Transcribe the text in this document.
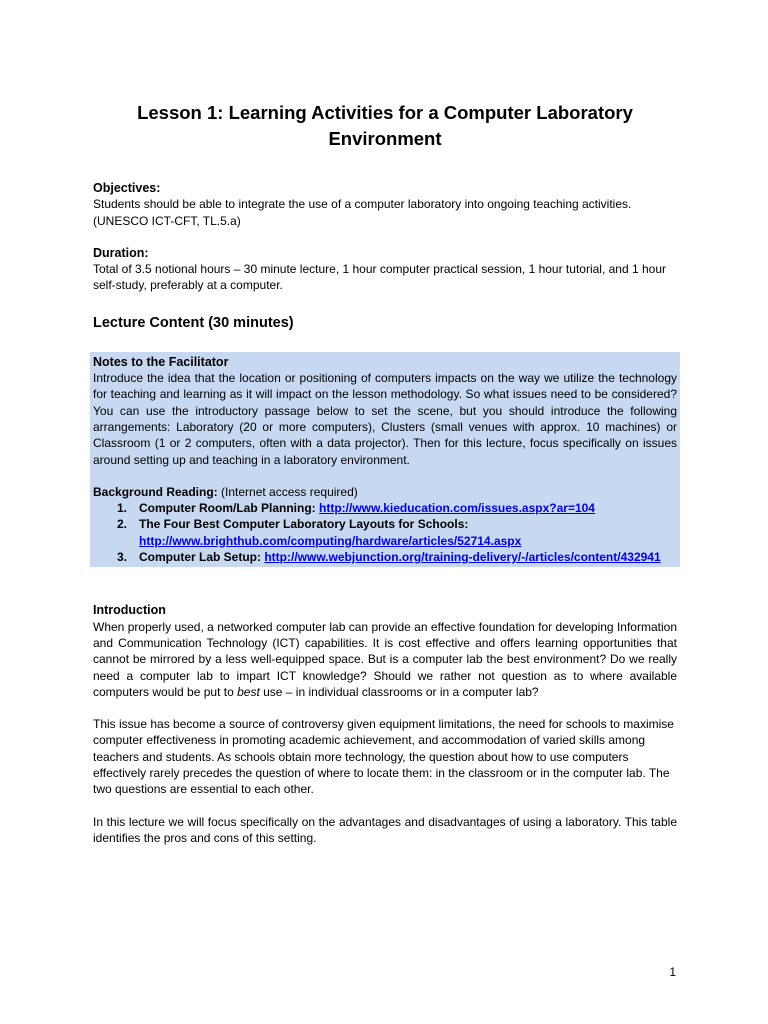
Lesson 1: Learning Activities for a Computer Laboratory Environment

Objectives:

Students should be able to integrate the use of a computer laboratory into ongoing teaching activities. (UNESCO ICT-CFT, TL.5.a)

Duration:

Total of 3.5 notional hours – 30 minute lecture, 1 hour computer practical session, 1 hour tutorial, and 1 hour self-study, preferably at a computer.

Lecture Content (30 minutes)

Notes to the Facilitator

Introduce the idea that the location or positioning of computers impacts on the way we utilize the technology for teaching and learning as it will impact on the lesson methodology. So what issues need to be considered? You can use the introductory passage below to set the scene, but you should introduce the following arrangements: Laboratory (20 or more computers), Clusters (small venues with approx. 10 machines) or Classroom (1 or 2 computers, often with a data projector). Then for this lecture, focus specifically on issues around setting up and teaching in a laboratory environment.

Background Reading: (Internet access required)

1. Computer Room/Lab Planning: http://www.kieducation.com/issues.aspx?ar=104
2. The Four Best Computer Laboratory Layouts for Schools:
http://www.brighthub.com/computing/hardware/articles/52714.aspx
3. Computer Lab Setup: http://www.webjunction.org/training-delivery/-/articles/content/432941

Introduction

When properly used, a networked computer lab can provide an effective foundation for developing Information and Communication Technology (ICT) capabilities. It is cost effective and offers learning opportunities that cannot be mirrored by a less well-equipped space. But is a computer lab the best environment? Do we really need a computer lab to impart ICT knowledge? Should we rather not question as to where available computers would be put to best use – in individual classrooms or in a computer lab?

This issue has become a source of controversy given equipment limitations, the need for schools to maximise computer effectiveness in promoting academic achievement, and accommodation of varied skills among teachers and students. As schools obtain more technology, the question about how to use computers effectively rarely precedes the question of where to locate them: in the classroom or in the computer lab. The two questions are essential to each other.

In this lecture we will focus specifically on the advantages and disadvantages of using a laboratory. This table identifies the pros and cons of this setting.

1
